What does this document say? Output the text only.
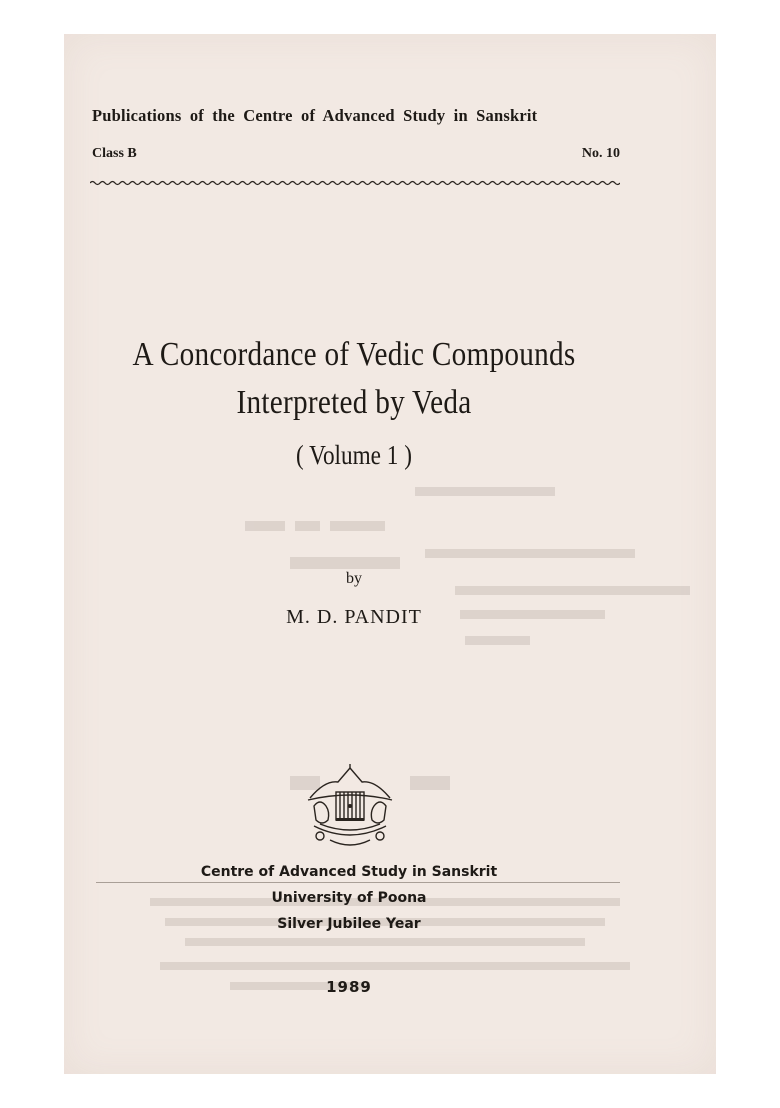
Publications of the Centre of Advanced Study in Sanskrit
Class B	No. 10
A Concordance of Vedic Compounds
Interpreted by Veda
( Volume 1 )
by
M. D. PANDIT
Centre of Advanced Study in Sanskrit
University of Poona
Silver Jubilee Year
1989
